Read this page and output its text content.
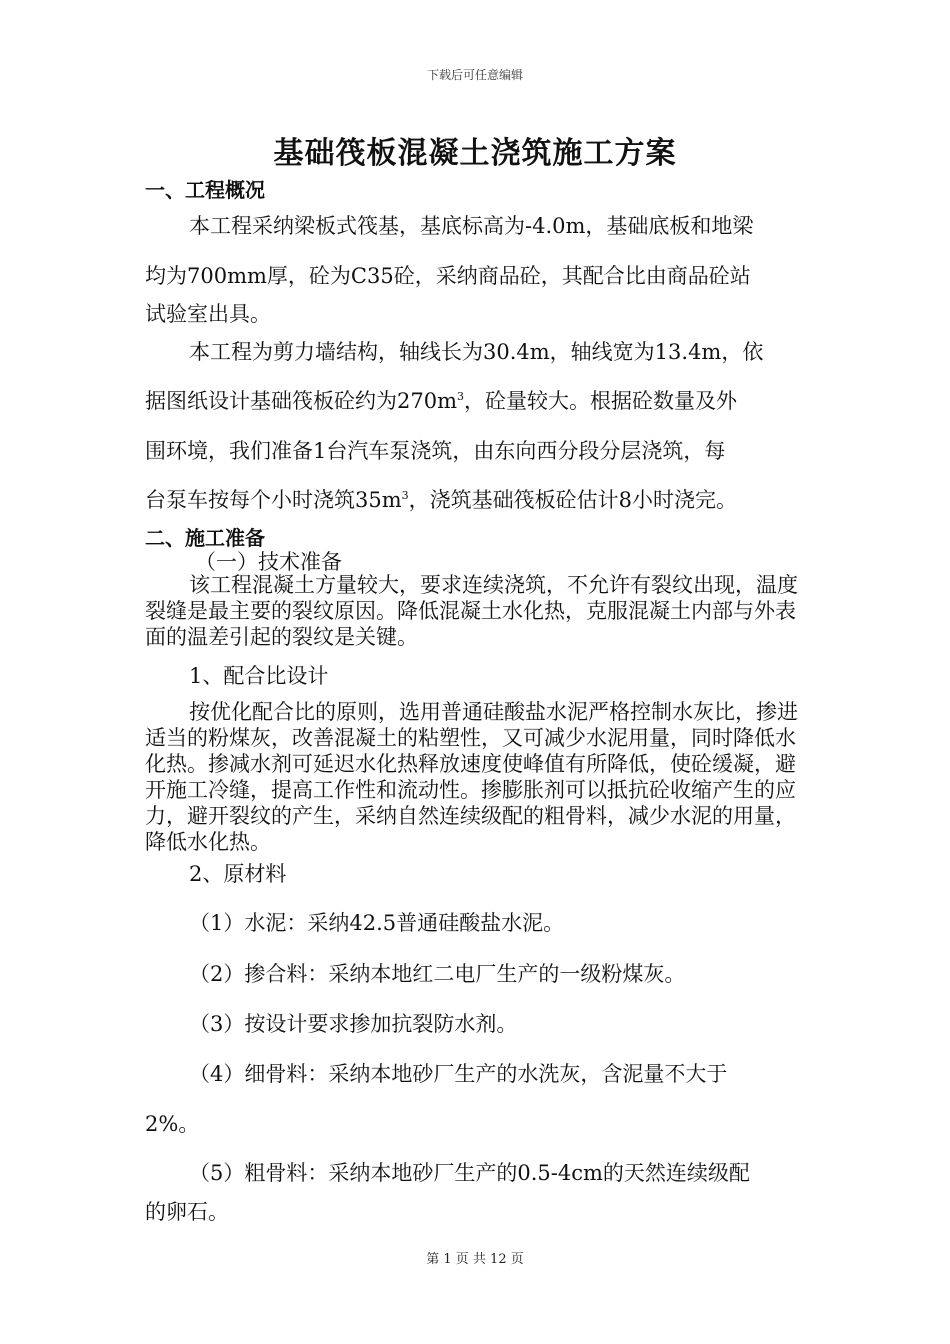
下载后可任意编辑
基础筏板混凝土浇筑施工方案
一、工程概况
本工程采纳梁板式筏基，基底标高为-4.0m，基础底板和地梁
均为700mm厚，砼为C35砼，采纳商品砼，其配合比由商品砼站
试验室出具。
本工程为剪力墙结构，轴线长为30.4m，轴线宽为13.4m，依
据图纸设计基础筏板砼约为$270m^3$，砼量较大。根据砼数量及外
围环境，我们准备1台汽车泵浇筑，由东向西分段分层浇筑，每
台泵车按每个小时浇筑$35m^3$，浇筑基础筏板砼估计8小时浇完。
二、施工准备
（一）技术准备
该工程混凝土方量较大，要求连续浇筑，不允许有裂纹出现，温度裂缝是最主要的裂纹原因。降低混凝土水化热，克服混凝土内部与外表面的温差引起的裂纹是关键。
1、配合比设计
按优化配合比的原则，选用普通硅酸盐水泥严格控制水灰比，掺进适当的粉煤灰，改善混凝土的粘塑性，又可减少水泥用量，同时降低水化热。掺减水剂可延迟水化热释放速度使峰值有所降低，使砼缓凝，避开施工冷缝，提高工作性和流动性。掺膨胀剂可以抵抗砼收缩产生的应力，避开裂纹的产生，采纳自然连续级配的粗骨料，减少水泥的用量，降低水化热。
2、原材料
（1）水泥：采纳42.5普通硅酸盐水泥。
（2）掺合料：采纳本地红二电厂生产的一级粉煤灰。
（3）按设计要求掺加抗裂防水剂。
（4）细骨料：采纳本地砂厂生产的水洗灰，含泥量不大于
2%。
（5）粗骨料：采纳本地砂厂生产的0.5-4cm的天然连续级配
的卵石。
第 1 页 共 12 页
